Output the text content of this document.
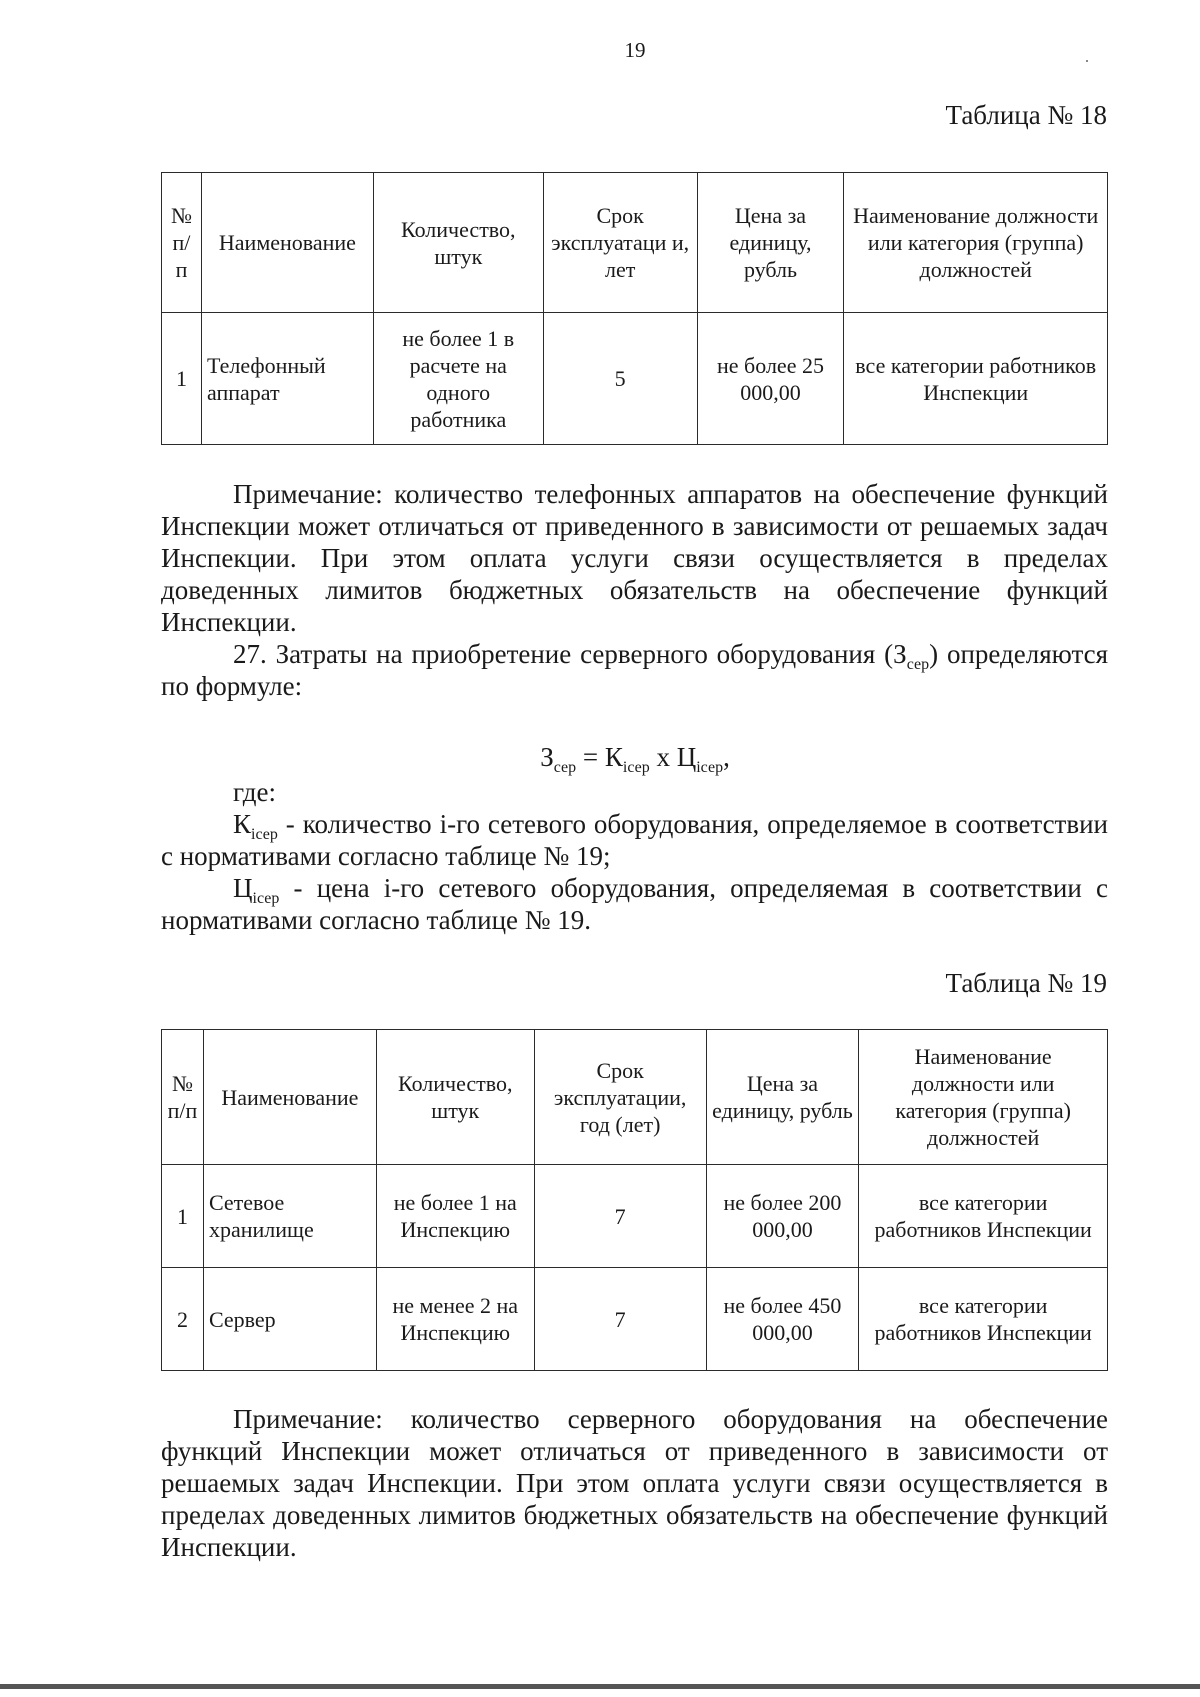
19
Таблица № 18
№ п/п	Наименование	Количество, штук	Срок эксплуатаци и, лет	Цена за единицу, рубль	Наименование должности или категория (группа) должностей
1	Телефонный аппарат	не более 1 в расчете на одного работника	5	не более 25 000,00	все категории работников Инспекции

Примечание: количество телефонных аппаратов на обеспечение функций Инспекции может отличаться от приведенного в зависимости от решаемых задач Инспекции. При этом оплата услуги связи осуществляется в пределах доведенных лимитов бюджетных обязательств на обеспечение функций Инспекции.

27. Затраты на приобретение серверного оборудования $(З_{сер})$ определяются по формуле:

$З_{сер} = К_{iсер}$ х $Ц_{iсер}$,

где:

$К_{iсер}$ - количество i-го сетевого оборудования, определяемое в соответствии с нормативами согласно таблице № 19;

$Ц_{iсер}$ - цена i-го сетевого оборудования, определяемая в соответствии с нормативами согласно таблице № 19.

Таблица № 19
№ п/п	Наименование	Количество, штук	Срок эксплуатации, год (лет)	Цена за единицу, рубль	Наименование должности или категория (группа) должностей
1	Сетевое хранилище	не более 1 на Инспекцию	7	не более 200 000,00	все категории работников Инспекции
2	Сервер	не менее 2 на Инспекцию	7	не более 450 000,00	все категории работников Инспекции

Примечание: количество серверного оборудования на обеспечение функций Инспекции может отличаться от приведенного в зависимости от решаемых задач Инспекции. При этом оплата услуги связи осуществляется в пределах доведенных лимитов бюджетных обязательств на обеспечение функций Инспекции.
